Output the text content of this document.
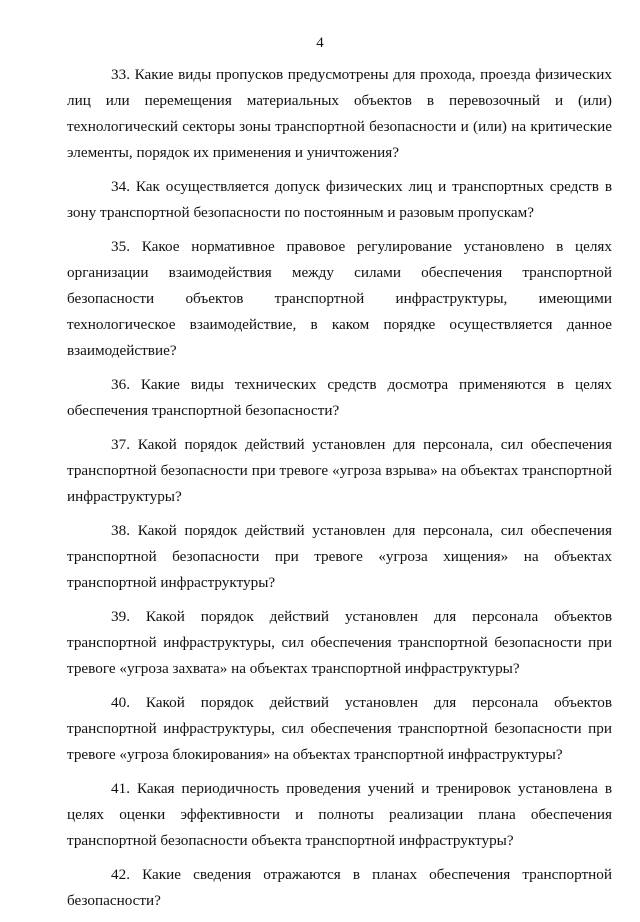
4

33. Какие виды пропусков предусмотрены для прохода, проезда физических лиц или перемещения материальных объектов в перевозочный и (или) технологический секторы зоны транспортной безопасности и (или) на критические элементы, порядок их применения и уничтожения?

34. Как осуществляется допуск физических лиц и транспортных средств в зону транспортной безопасности по постоянным и разовым пропускам?

35. Какое нормативное правовое регулирование установлено в целях организации взаимодействия между силами обеспечения транспортной безопасности объектов транспортной инфраструктуры, имеющими технологическое взаимодействие, в каком порядке осуществляется данное взаимодействие?

36. Какие виды технических средств досмотра применяются в целях обеспечения транспортной безопасности?

37. Какой порядок действий установлен для персонала, сил обеспечения транспортной безопасности при тревоге «угроза взрыва» на объектах транспортной инфраструктуры?

38. Какой порядок действий установлен для персонала, сил обеспечения транспортной безопасности при тревоге «угроза хищения» на объектах транспортной инфраструктуры?

39. Какой порядок действий установлен для персонала объектов транспортной инфраструктуры, сил обеспечения транспортной безопасности при тревоге «угроза захвата» на объектах транспортной инфраструктуры?

40. Какой порядок действий установлен для персонала объектов транспортной инфраструктуры, сил обеспечения транспортной безопасности при тревоге «угроза блокирования» на объектах транспортной инфраструктуры?

41. Какая периодичность проведения учений и тренировок установлена в целях оценки эффективности и полноты реализации плана обеспечения транспортной безопасности объекта транспортной инфраструктуры?

42. Какие сведения отражаются в планах обеспечения транспортной безопасности?
